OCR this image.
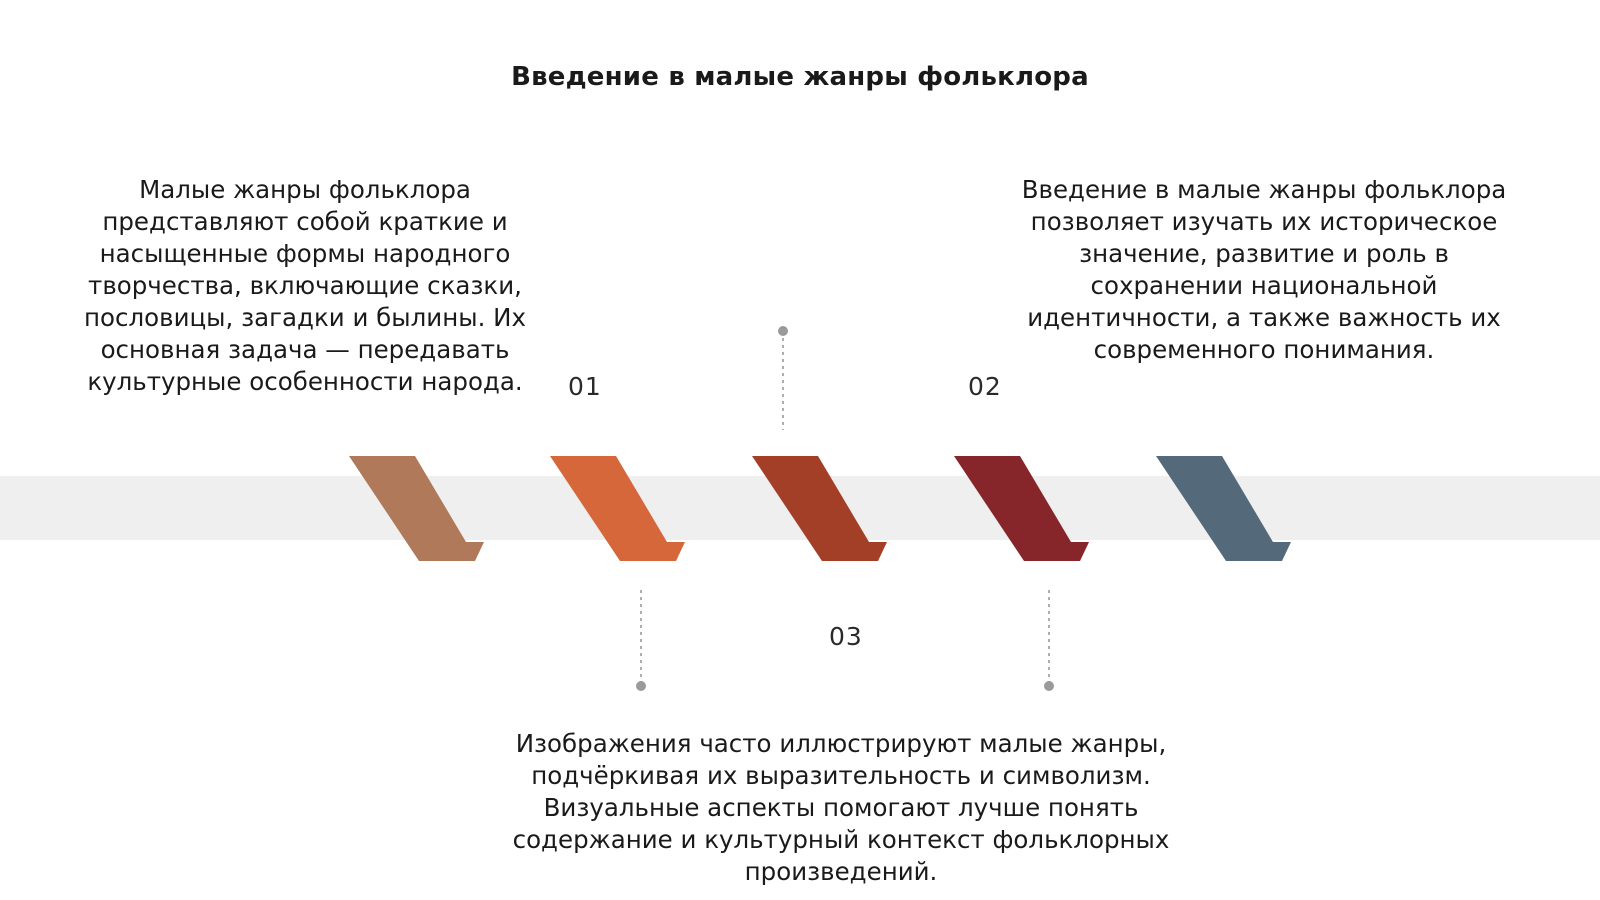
Введение в малые жанры фольклора
Малые жанры фольклора представляют собой краткие и насыщенные формы народного творчества, включающие сказки, пословицы, загадки и былины. Их основная задача — передавать культурные особенности народа.	01
Введение в малые жанры фольклора позволяет изучать их историческое значение, развитие и роль в сохранении национальной идентичности, а также важность их современного понимания.
02
03
Изображения часто иллюстрируют малые жанры, подчёркивая их выразительность и символизм. Визуальные аспекты помогают лучше понять содержание и культурный контекст фольклорных произведений.
